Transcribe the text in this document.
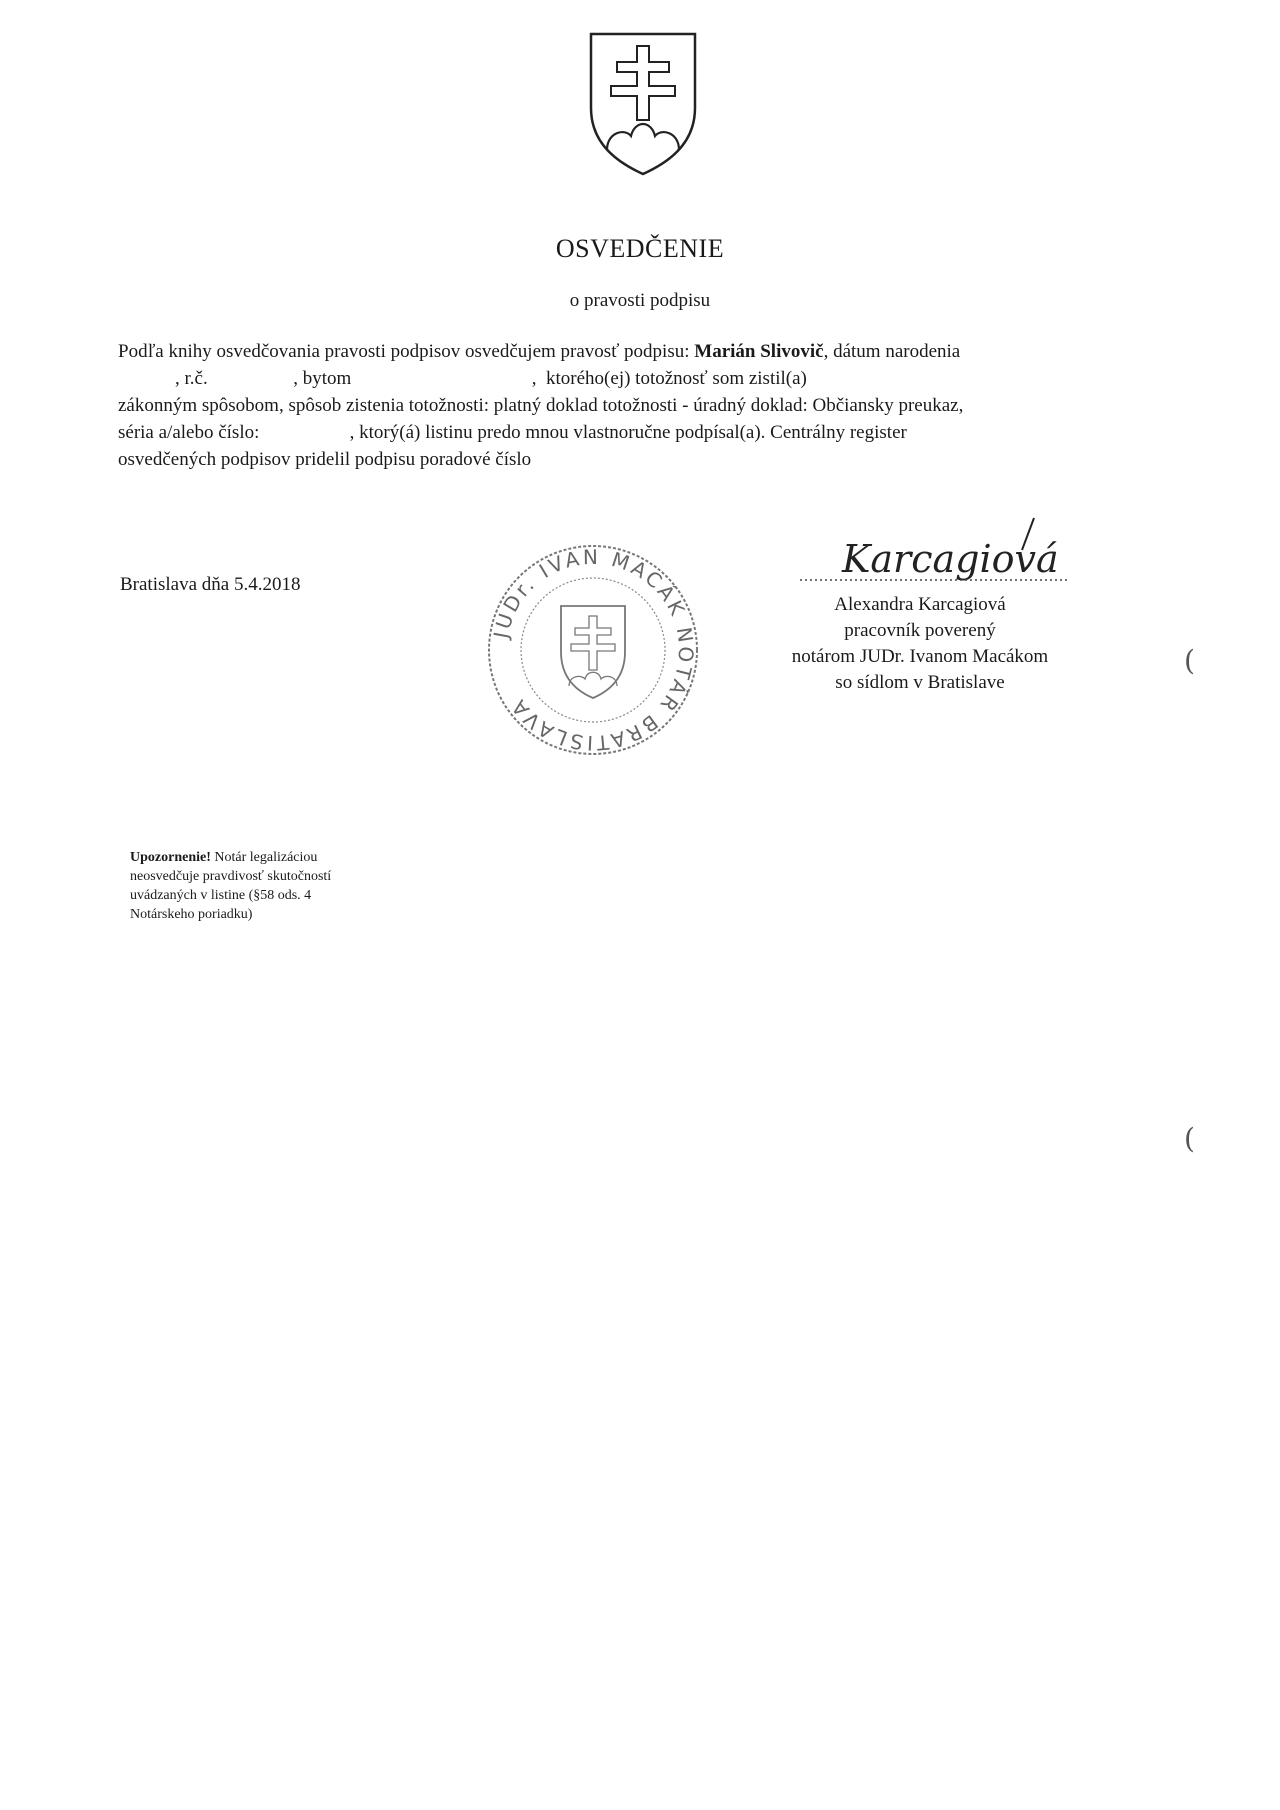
OSVEDČENIE
o pravosti podpisu
Podľa knihy osvedčovania pravosti podpisov osvedčujem pravosť podpisu: Marián Slivovič, dátum narodenia
, r.č.                  , bytom                                      ,  ktorého(ej) totožnosť som zistil(a)
zákonným spôsobom, spôsob zistenia totožnosti: platný doklad totožnosti - úradný doklad: Občiansky preukaz,
séria a/alebo číslo:                   , ktorý(á) listinu predo mnou vlastnoručne podpísal(a). Centrálny register
osvedčených podpisov pridelil podpisu poradové číslo
Bratislava dňa 5.4.2018
JUDr. IVAN MACÁK NOTÁR BRATISLAVA
Karcagiová
Alexandra Karcagiová
pracovník poverený
notárom JUDr. Ivanom Macákom
so sídlom v Bratislave
Upozornenie! Notár legalizáciou
neosvedčuje pravdivosť skutočností
uvádzaných v listine (§58 ods. 4
Notárskeho poriadku)
(
(
